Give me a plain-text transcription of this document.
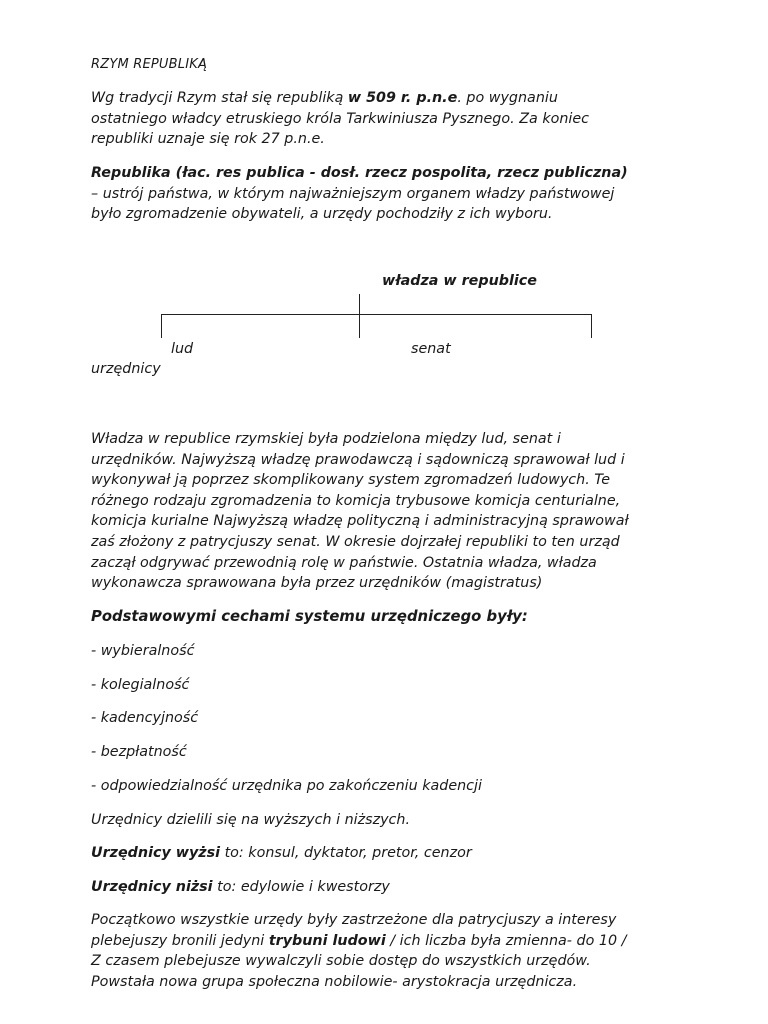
RZYM REPUBLIKĄ
Wg tradycji Rzym stał się republiką w 509 r. p.n.e. po wygnaniu
ostatniego władcy etruskiego króla Tarkwiniusza Pysznego. Za koniec
republiki uznaje się rok 27 p.n.e.
Republika (łac. res publica - dosł. rzecz pospolita, rzecz publiczna)
– ustrój państwa, w którym najważniejszym organem władzy państwowej
było zgromadzenie obywateli, a urzędy pochodziły z ich wyboru.
władza w republice
lud	senat
urzędnicy
Władza w republice rzymskiej była podzielona między lud, senat i
urzędników. Najwyższą władzę prawodawczą i sądowniczą sprawował lud i
wykonywał ją poprzez skomplikowany system zgromadzeń ludowych. Te
różnego rodzaju zgromadzenia to komicja trybusowe komicja centurialne,
komicja kurialne Najwyższą władzę polityczną i administracyjną sprawował
zaś złożony z patrycjuszy senat. W okresie dojrzałej republiki to ten urząd
zaczął odgrywać przewodnią rolę w państwie. Ostatnia władza, władza
wykonawcza sprawowana była przez urzędników (magistratus)
Podstawowymi cechami systemu urzędniczego były:
- wybieralność
- kolegialność
- kadencyjność
- bezpłatność
- odpowiedzialność urzędnika po zakończeniu kadencji
Urzędnicy dzielili się na wyższych i niższych.
Urzędnicy wyżsi to: konsul, dyktator, pretor, cenzor
Urzędnicy niżsi to: edylowie i kwestorzy
Początkowo wszystkie urzędy były zastrzeżone dla patrycjuszy a interesy
plebejuszy bronili jedyni trybuni ludowi / ich liczba była zmienna- do 10 /
Z czasem plebejusze wywalczyli sobie dostęp do wszystkich urzędów.
Powstała nowa grupa społeczna nobilowie- arystokracja urzędnicza.
